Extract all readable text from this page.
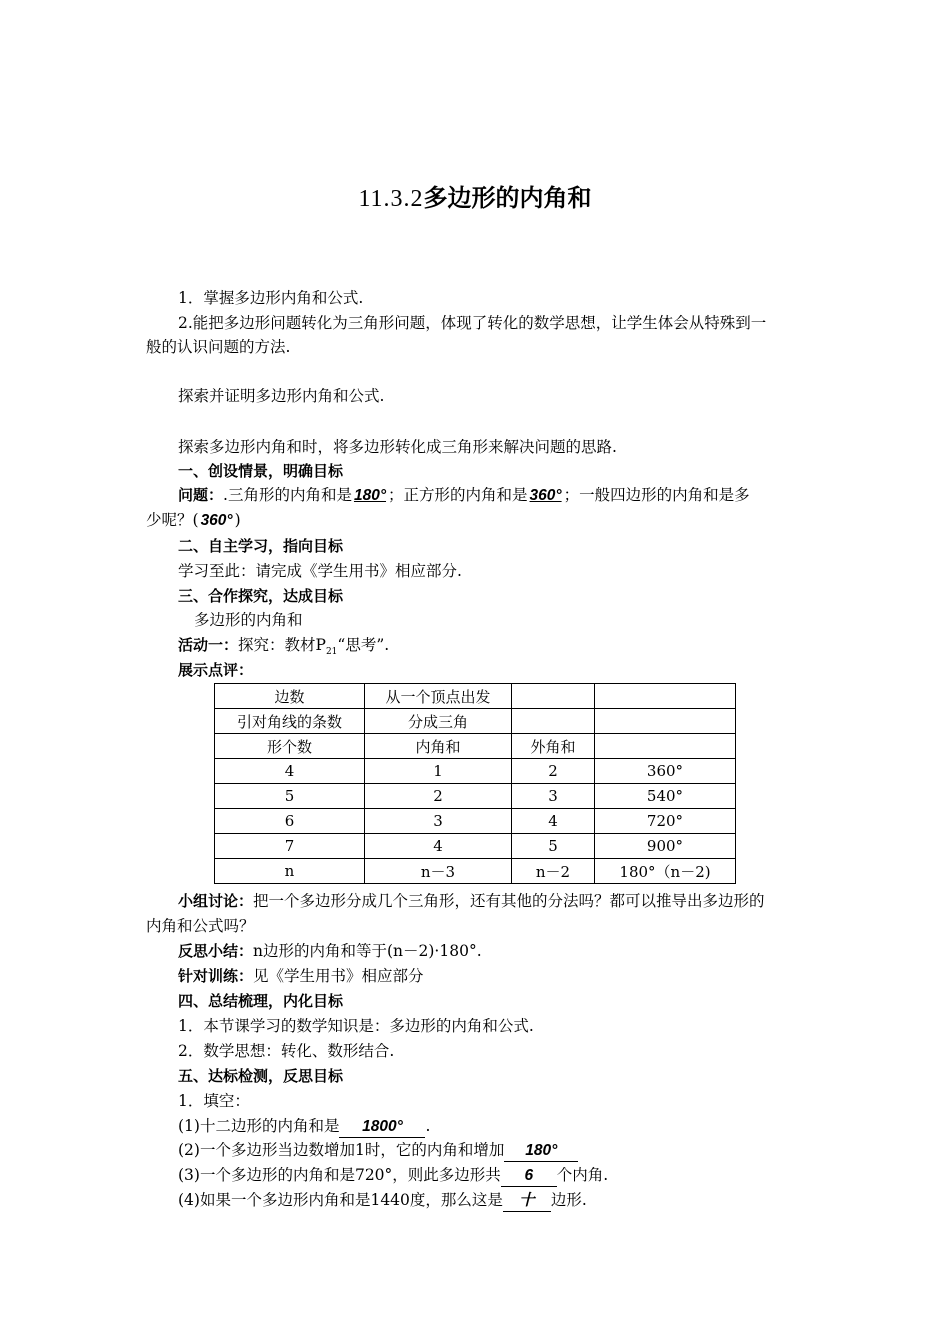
11.3.2多边形的内角和
1．掌握多边形内角和公式.
2.能把多边形问题转化为三角形问题，体现了转化的数学思想，让学生体会从特殊到一
般的认识问题的方法.
探索并证明多边形内角和公式.
探索多边形内角和时，将多边形转化成三角形来解决问题的思路.
一、创设情景，明确目标
问题：.三角形的内角和是 180° ；正方形的内角和是 360° ；一般四边形的内角和是多
少呢？( 360° )
二、自主学习，指向目标
学习至此：请完成《学生用书》相应部分.
三、合作探究，达成目标
多边形的内角和
活动一：探究：教材$P_{21}“$思考”.
展示点评：
边数	从一个顶点出发		
引对角线的条数	分成三角		
形个数	内角和	外角和	
4	1	2	360°
5	2	3	540°
6	3	4	720°
7	4	5	900°
n	n－3	n－2	180°（n－2)
小组讨论：把一个多边形分成几个三角形，还有其他的分法吗？都可以推导出多边形的
内角和公式吗？
反思小结：n边形的内角和等于(n－2)·180°.
针对训练：见《学生用书》相应部分
四、总结梳理，内化目标
1．本节课学习的数学知识是：多边形的内角和公式.
2．数学思想：转化、数形结合.
五、达标检测，反思目标
1．填空：
(1)十二边形的内角和是 1800° .
(2)一个多边形当边数增加1时，它的内角和增加 180°
(3)一个多边形的内角和是720°，则此多边形共 6 个内角.
(4)如果一个多边形内角和是1440度，那么这是 十 边形.
